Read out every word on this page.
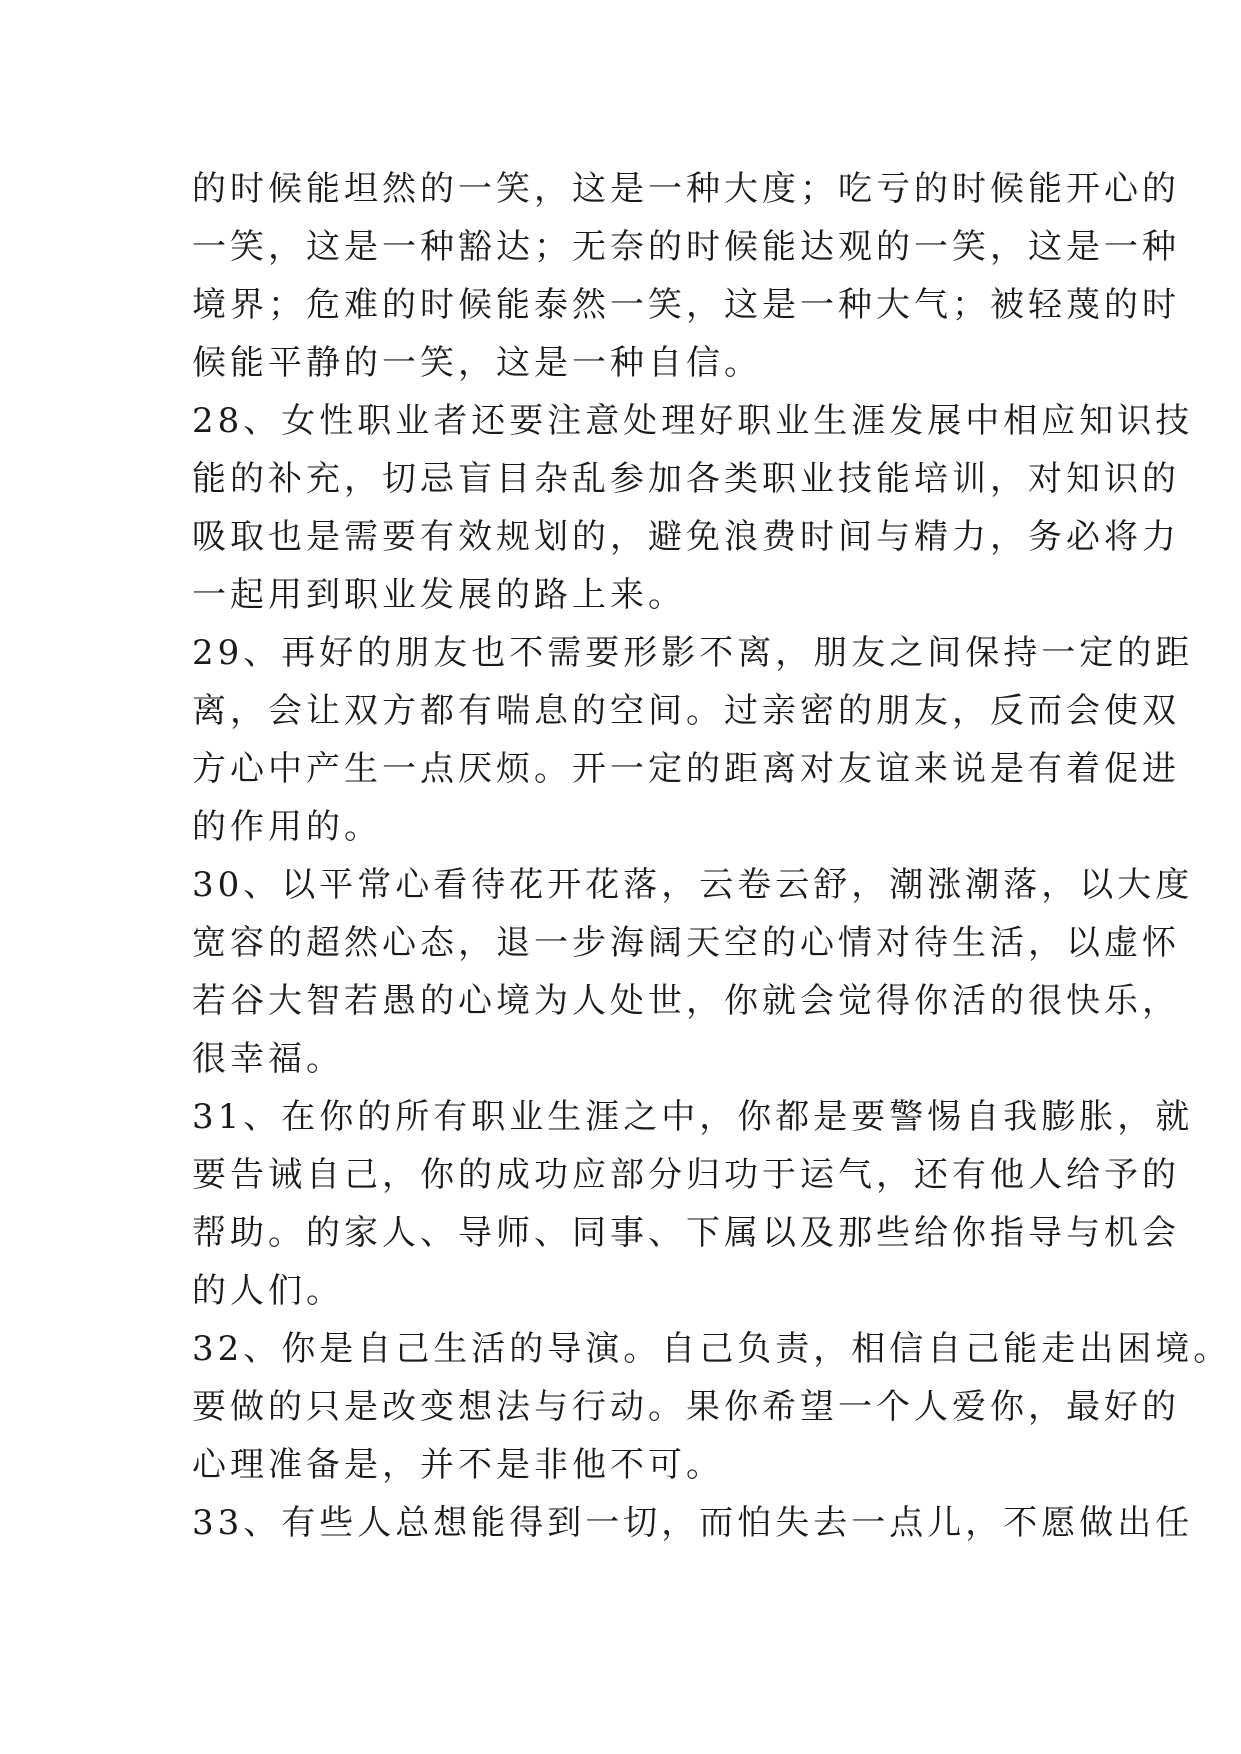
的时候能坦然的一笑，这是一种大度；吃亏的时候能开心的
一笑，这是一种豁达；无奈的时候能达观的一笑，这是一种
境界；危难的时候能泰然一笑，这是一种大气；被轻蔑的时
候能平静的一笑，这是一种自信。
28、女性职业者还要注意处理好职业生涯发展中相应知识技
能的补充，切忌盲目杂乱参加各类职业技能培训，对知识的
吸取也是需要有效规划的，避免浪费时间与精力，务必将力
一起用到职业发展的路上来。
29、再好的朋友也不需要形影不离，朋友之间保持一定的距
离，会让双方都有喘息的空间。过亲密的朋友，反而会使双
方心中产生一点厌烦。开一定的距离对友谊来说是有着促进
的作用的。
30、以平常心看待花开花落，云卷云舒，潮涨潮落，以大度
宽容的超然心态，退一步海阔天空的心情对待生活，以虚怀
若谷大智若愚的心境为人处世，你就会觉得你活的很快乐，
很幸福。
31、在你的所有职业生涯之中，你都是要警惕自我膨胀，就
要告诫自己，你的成功应部分归功于运气，还有他人给予的
帮助。的家人、导师、同事、下属以及那些给你指导与机会
的人们。
32、你是自己生活的导演。自己负责，相信自己能走出困境。
要做的只是改变想法与行动。果你希望一个人爱你，最好的
心理准备是，并不是非他不可。
33、有些人总想能得到一切，而怕失去一点儿，不愿做出任
